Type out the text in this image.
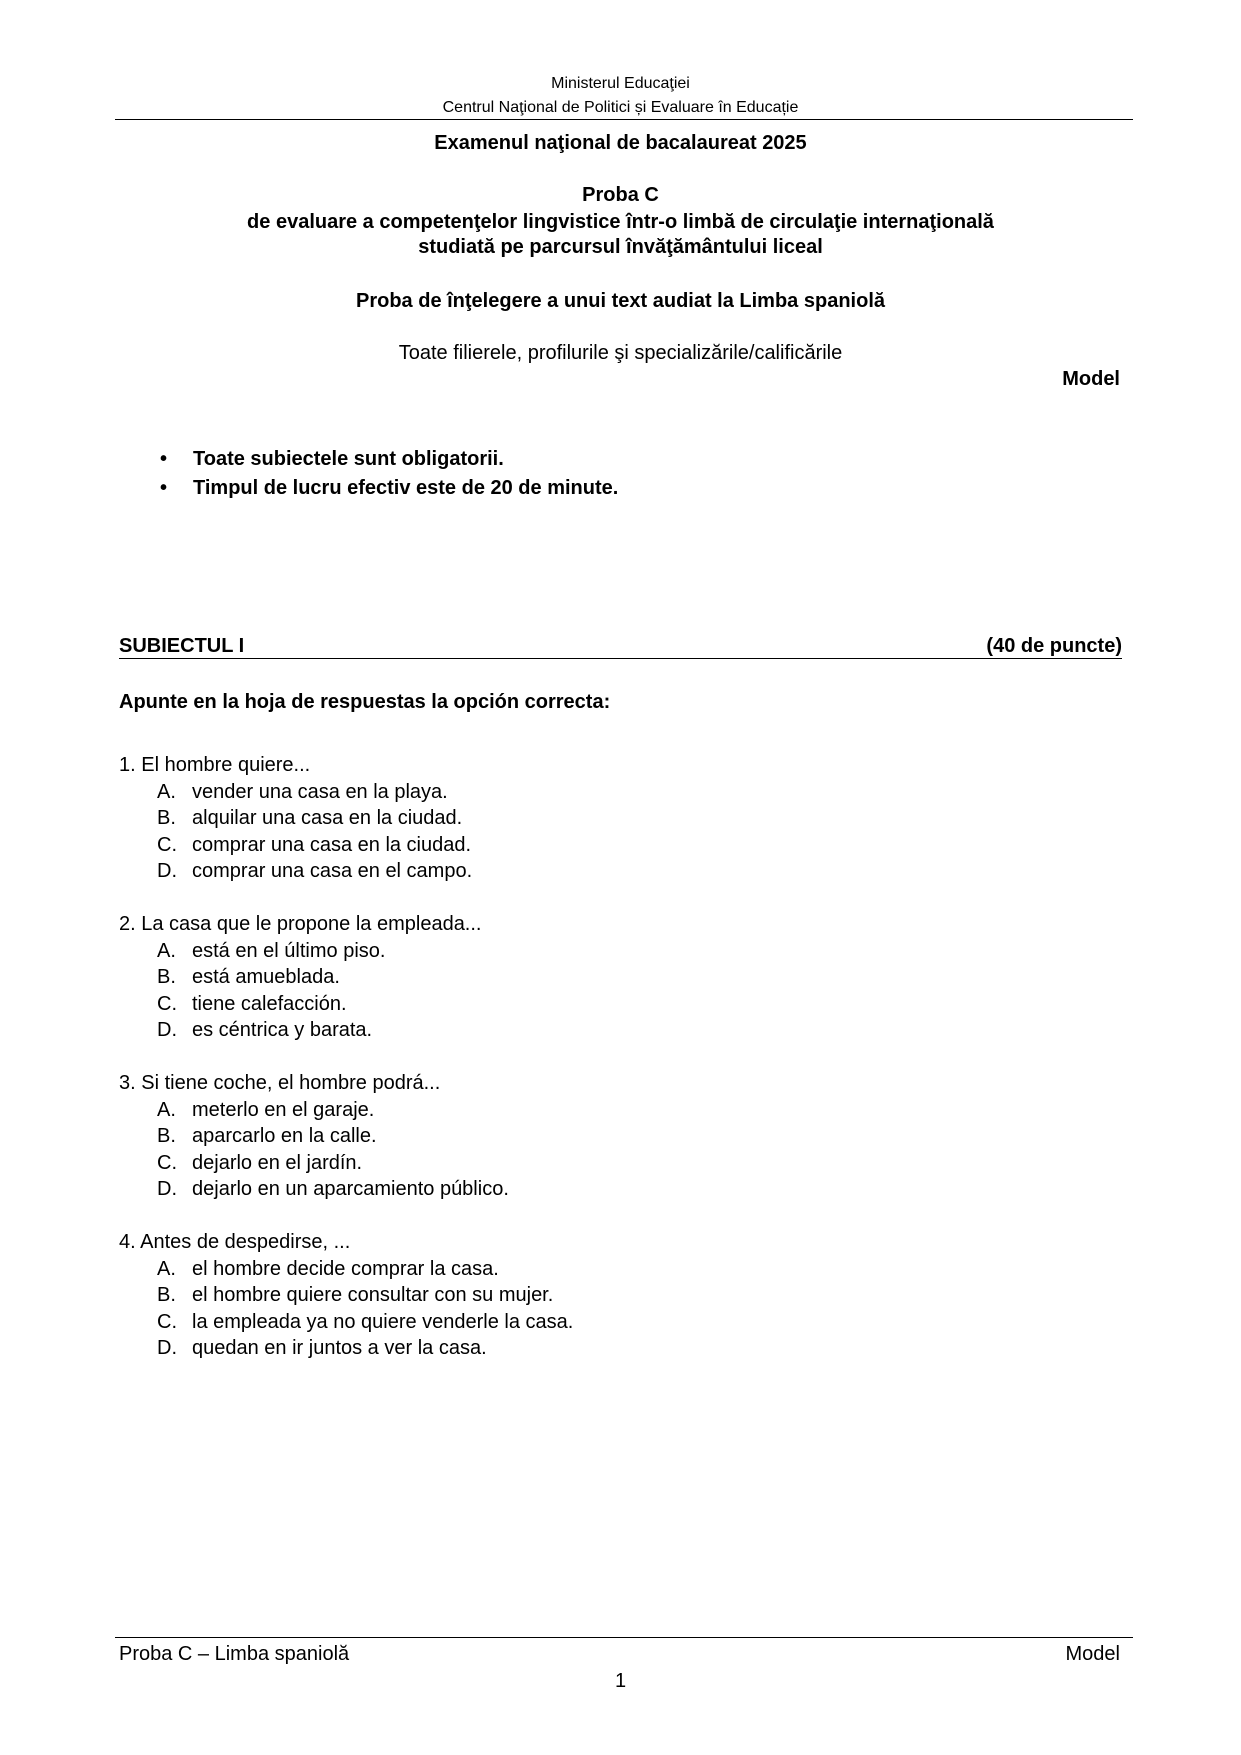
Ministerul Educaţiei
Centrul Naţional de Politici și Evaluare în Educație
Examenul naţional de bacalaureat 2025
Proba C
de evaluare a competenţelor lingvistice într-o limbă de circulaţie internaţională
studiată pe parcursul învăţământului liceal
Proba de înţelegere a unui text audiat la Limba spaniolă
Toate filierele, profilurile şi specializările/calificările
Model
• Toate subiectele sunt obligatorii.
• Timpul de lucru efectiv este de 20 de minute.
SUBIECTUL I	(40 de puncte)
Apunte en la hoja de respuestas la opción correcta:
1. El hombre quiere...
A. vender una casa en la playa.
B. alquilar una casa en la ciudad.
C. comprar una casa en la ciudad.
D. comprar una casa en el campo.
2. La casa que le propone la empleada...
A. está en el último piso.
B. está amueblada.
C. tiene calefacción.
D. es céntrica y barata.
3. Si tiene coche, el hombre podrá...
A. meterlo en el garaje.
B. aparcarlo en la calle.
C. dejarlo en el jardín.
D. dejarlo en un aparcamiento público.
4. Antes de despedirse, ...
A. el hombre decide comprar la casa.
B. el hombre quiere consultar con su mujer.
C. la empleada ya no quiere venderle la casa.
D. quedan en ir juntos a ver la casa.
Proba C – Limba spaniolă	Model
1
